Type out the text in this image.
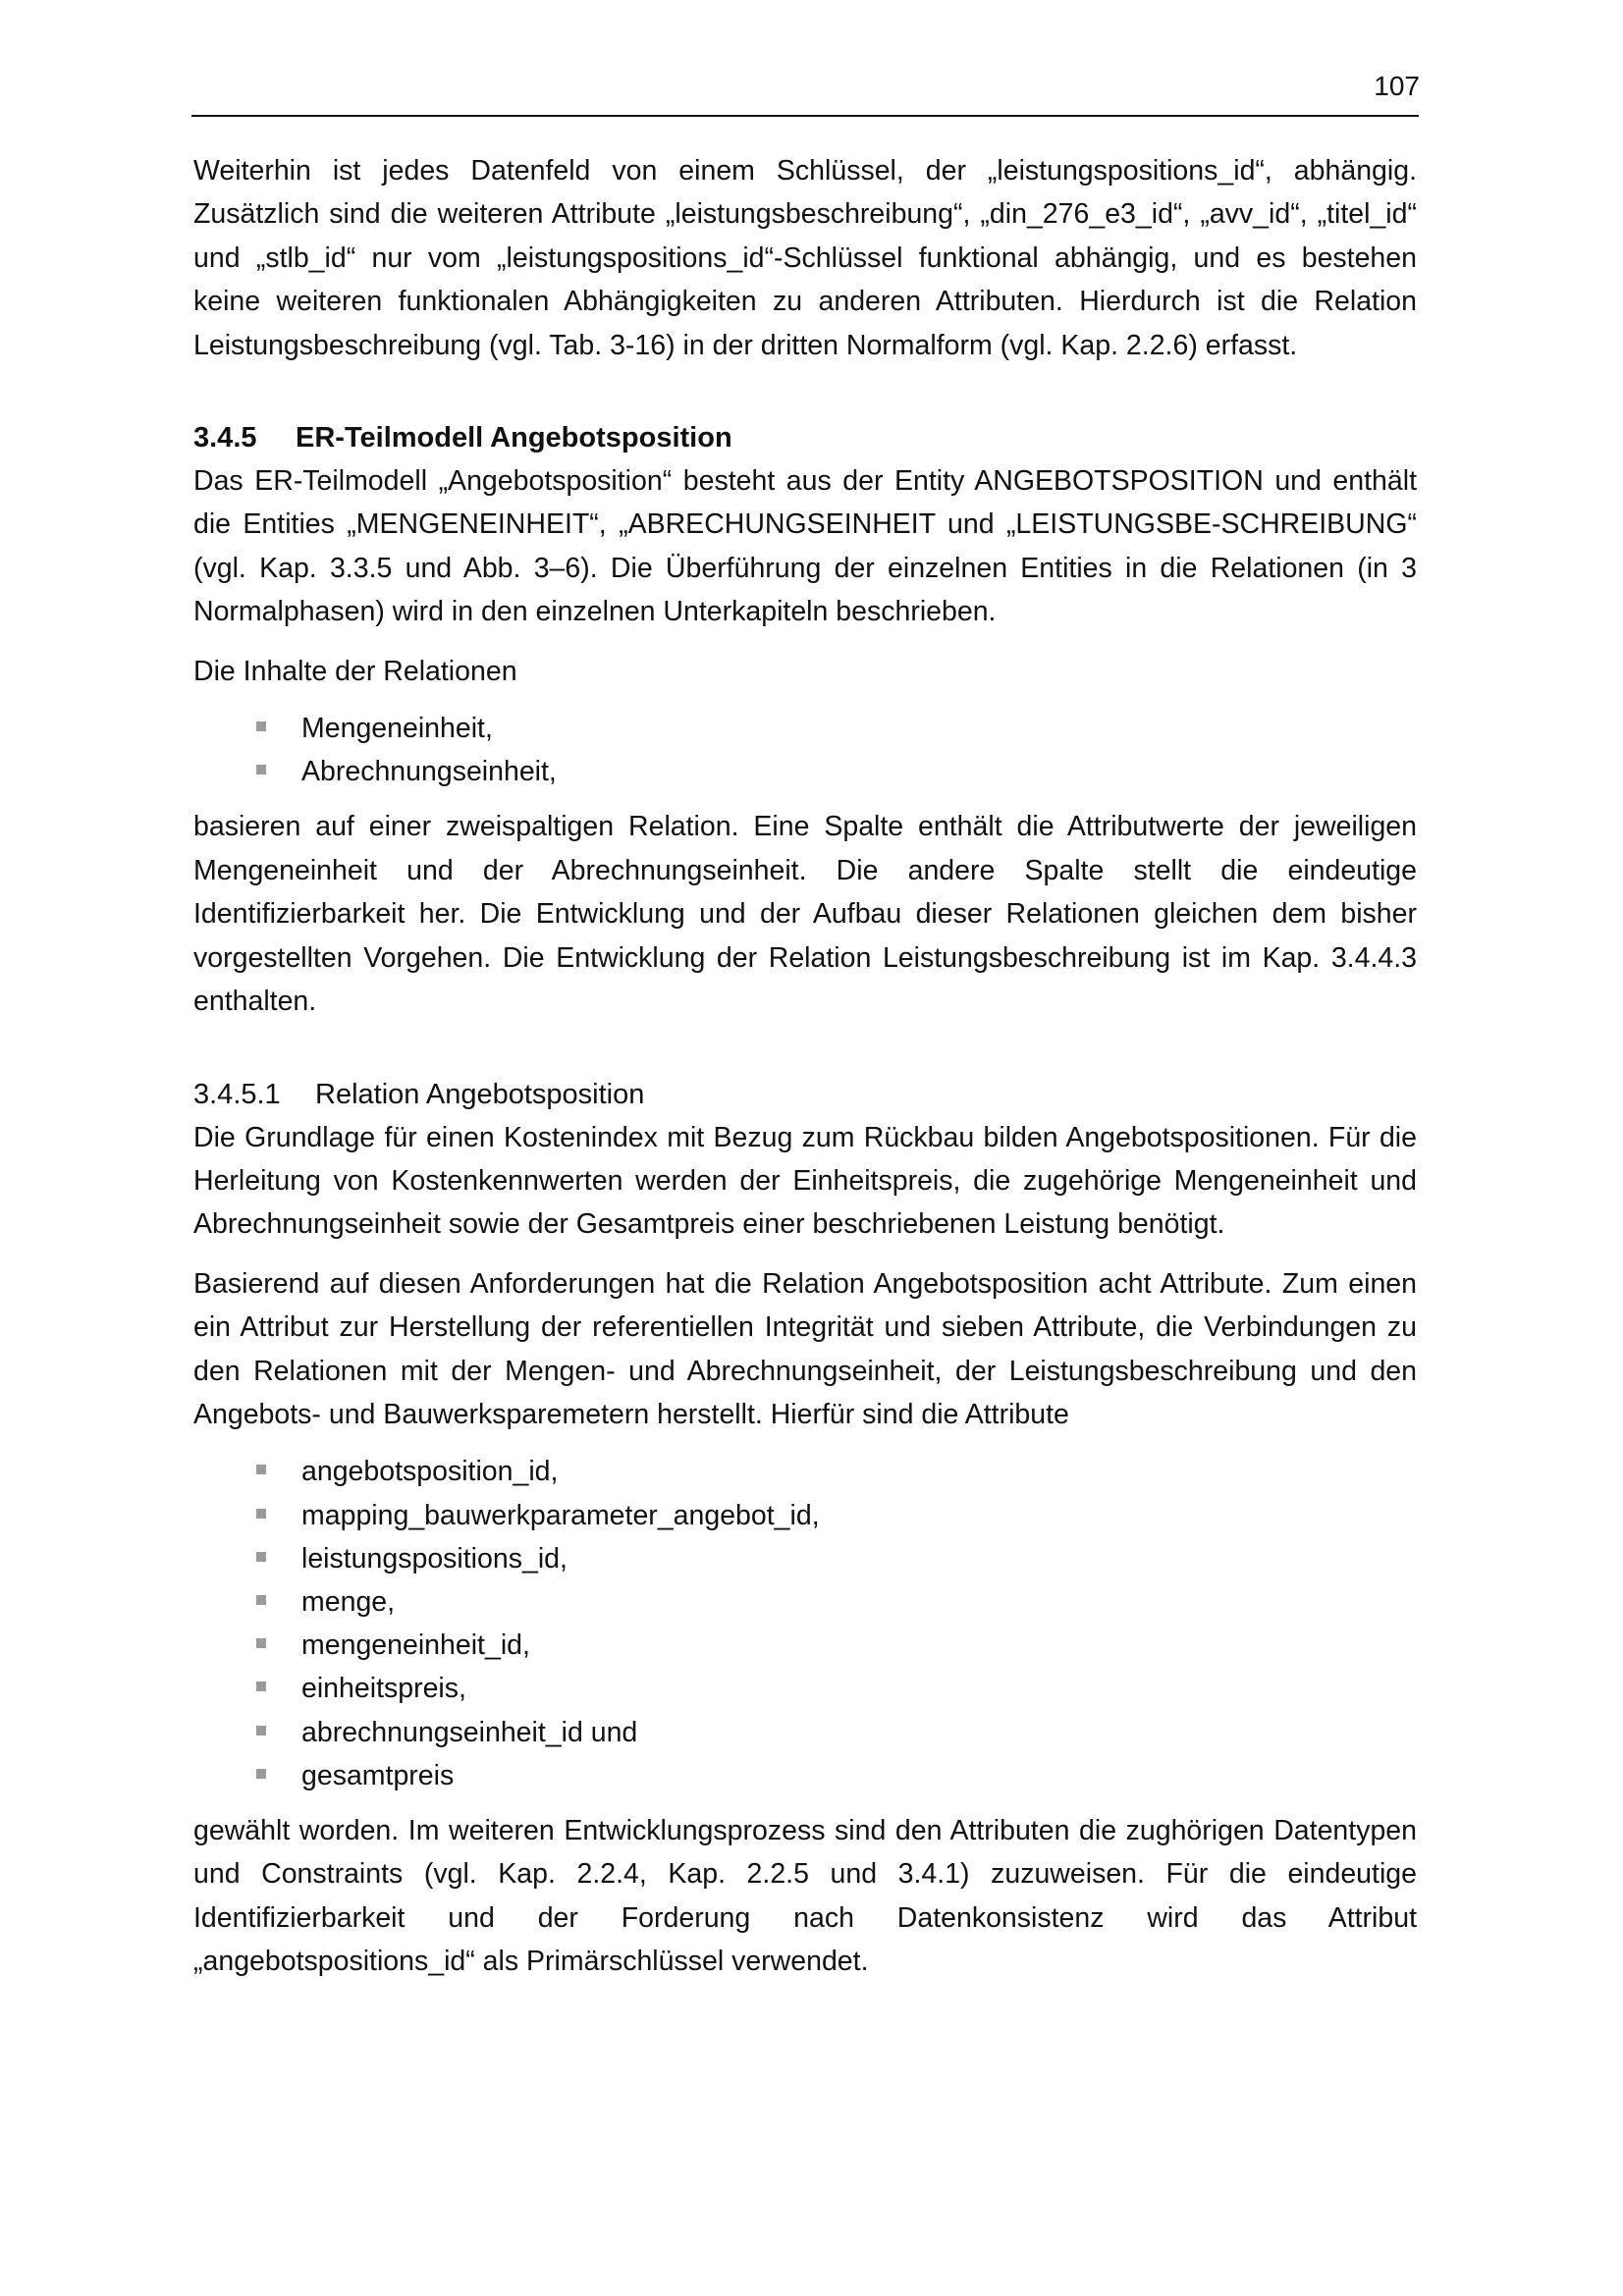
107

Weiterhin ist jedes Datenfeld von einem Schlüssel, der „leistungspositions_id“, abhängig. Zusätzlich sind die weiteren Attribute „leistungsbeschreibung“, „din_276_e3_id“, „avv_id“, „titel_id“ und „stlb_id“ nur vom „leistungspositions_id“-Schlüssel funktional abhängig, und es bestehen keine weiteren funktionalen Abhängigkeiten zu anderen Attributen. Hierdurch ist die Relation Leistungsbeschreibung (vgl. Tab. 3-16) in der dritten Normalform (vgl. Kap. 2.2.6) erfasst.

3.4.5	ER-Teilmodell Angebotsposition

Das ER-Teilmodell „Angebotsposition“ besteht aus der Entity ANGEBOTSPOSITION und enthält die Entities „MENGENEINHEIT“, „ABRECHUNGSEINHEIT und „LEISTUNGSBE-SCHREIBUNG“ (vgl. Kap. 3.3.5 und Abb. 3–6). Die Überführung der einzelnen Entities in die Relationen (in 3 Normalphasen) wird in den einzelnen Unterkapiteln beschrieben.

Die Inhalte der Relationen

Mengeneinheit,
Abrechnungseinheit,

basieren auf einer zweispaltigen Relation. Eine Spalte enthält die Attributwerte der jeweiligen Mengeneinheit und der Abrechnungseinheit. Die andere Spalte stellt die eindeutige Identifizierbarkeit her. Die Entwicklung und der Aufbau dieser Relationen gleichen dem bisher vorgestellten Vorgehen. Die Entwicklung der Relation Leistungsbeschreibung ist im Kap. 3.4.4.3 enthalten.

3.4.5.1	Relation Angebotsposition

Die Grundlage für einen Kostenindex mit Bezug zum Rückbau bilden Angebotspositionen. Für die Herleitung von Kostenkennwerten werden der Einheitspreis, die zugehörige Mengeneinheit und Abrechnungseinheit sowie der Gesamtpreis einer beschriebenen Leistung benötigt.

Basierend auf diesen Anforderungen hat die Relation Angebotsposition acht Attribute. Zum einen ein Attribut zur Herstellung der referentiellen Integrität und sieben Attribute, die Verbindungen zu den Relationen mit der Mengen- und Abrechnungseinheit, der Leistungsbeschreibung und den Angebots- und Bauwerksparemetern herstellt. Hierfür sind die Attribute

angebotsposition_id,
mapping_bauwerkparameter_angebot_id,
leistungspositions_id,
menge,
mengeneinheit_id,
einheitspreis,
abrechnungseinheit_id und
gesamtpreis

gewählt worden. Im weiteren Entwicklungsprozess sind den Attributen die zughörigen Datentypen und Constraints (vgl. Kap. 2.2.4, Kap. 2.2.5 und 3.4.1) zuzuweisen. Für die eindeutige Identifizierbarkeit und der Forderung nach Datenkonsistenz wird das Attribut „angebotspositions_id“ als Primärschlüssel verwendet.
